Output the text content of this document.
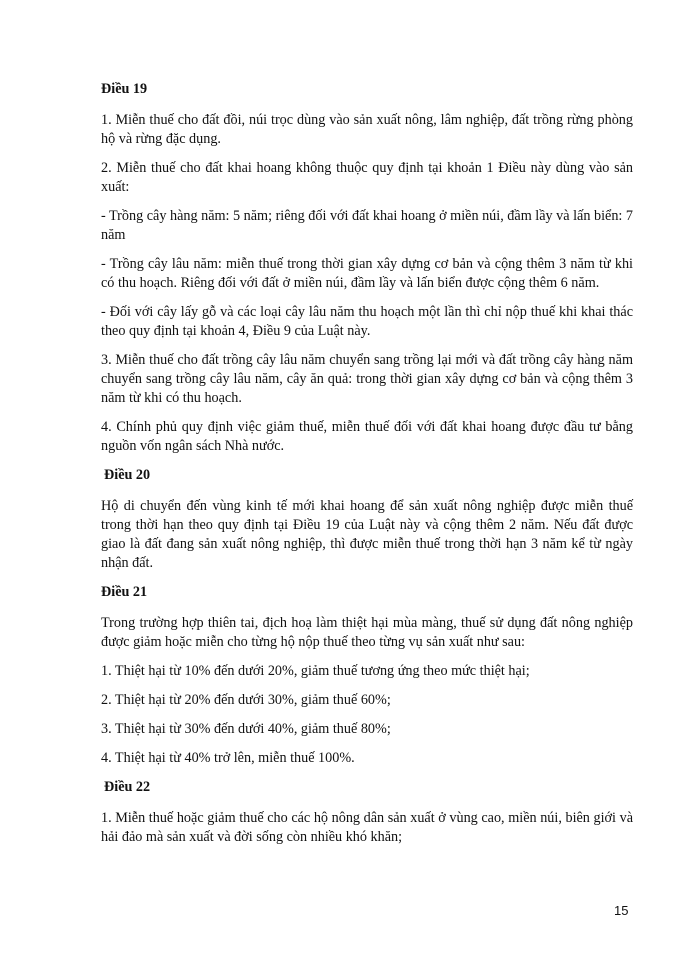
Điều 19

1. Miễn thuế cho đất đồi, núi trọc dùng vào sản xuất nông, lâm nghiệp, đất trồng rừng phòng hộ và rừng đặc dụng.

2. Miễn thuế cho đất khai hoang không thuộc quy định tại khoản 1 Điều này dùng vào sản xuất:

- Trồng cây hàng năm: 5 năm; riêng đối với đất khai hoang ở miền núi, đầm lầy và lấn biển: 7 năm

- Trồng cây lâu năm: miễn thuế trong thời gian xây dựng cơ bản và cộng thêm 3 năm từ khi có thu hoạch. Riêng đối với đất ở miền núi, đầm lầy và lấn biển được cộng thêm 6 năm.

- Đối với cây lấy gỗ và các loại cây lâu năm thu hoạch một lần thì chỉ nộp thuế khi khai thác theo quy định tại khoản 4, Điều 9 của Luật này.

3. Miễn thuế cho đất trồng cây lâu năm chuyển sang trồng lại mới và đất trồng cây hàng năm chuyển sang trồng cây lâu năm, cây ăn quả: trong thời gian xây dựng cơ bản và cộng thêm 3 năm từ khi có thu hoạch.

4. Chính phủ quy định việc giảm thuế, miễn thuế đối với đất khai hoang được đầu tư bằng nguồn vốn ngân sách Nhà nước.

Điều 20

Hộ di chuyển đến vùng kinh tế mới khai hoang để sản xuất nông nghiệp được miễn thuế trong thời hạn theo quy định tại Điều 19 của Luật này và cộng thêm 2 năm. Nếu đất được giao là đất đang sản xuất nông nghiệp, thì được miễn thuế trong thời hạn 3 năm kể từ ngày nhận đất.

Điều 21

Trong trường hợp thiên tai, địch hoạ làm thiệt hại mùa màng, thuế sử dụng đất nông nghiệp được giảm hoặc miễn cho từng hộ nộp thuế theo từng vụ sản xuất như sau:

1. Thiệt hại từ 10% đến dưới 20%, giảm thuế tương ứng theo mức thiệt hại;

2. Thiệt hại từ 20% đến dưới 30%, giảm thuế 60%;

3. Thiệt hại từ 30% đến dưới 40%, giảm thuế 80%;

4. Thiệt hại từ 40% trở lên, miễn thuế 100%.

Điều 22

1. Miễn thuế hoặc giảm thuế cho các hộ nông dân sản xuất ở vùng cao, miền núi, biên giới và hải đảo mà sản xuất và đời sống còn nhiều khó khăn;

15
